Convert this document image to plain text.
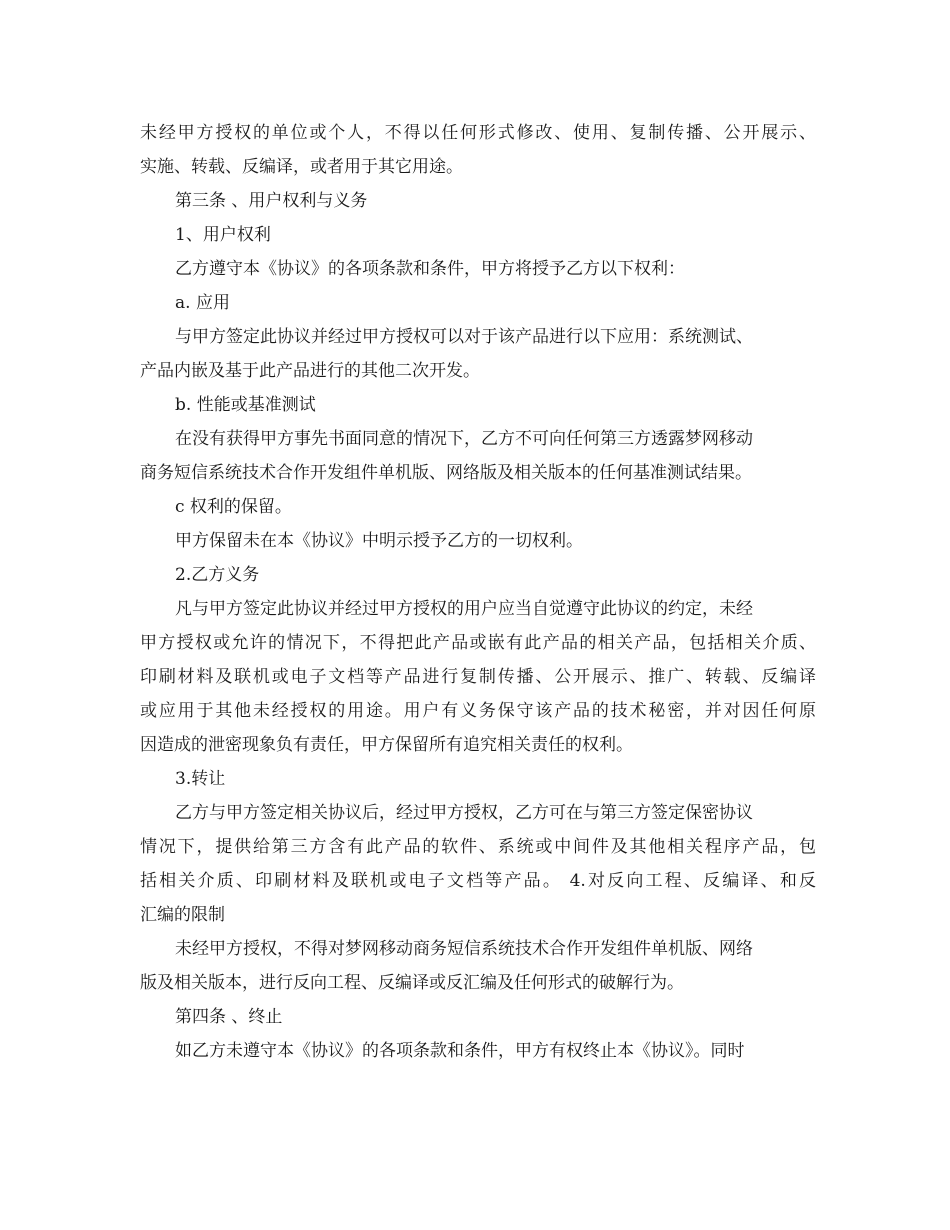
未经甲方授权的单位或个人，不得以任何形式修改、使用、复制传播、公开展示、
实施、转载、反编译，或者用于其它用途。
第三条 、用户权利与义务
1、用户权利
乙方遵守本《协议》的各项条款和条件，甲方将授予乙方以下权利：
a. 应用
与甲方签定此协议并经过甲方授权可以对于该产品进行以下应用：系统测试、
产品内嵌及基于此产品进行的其他二次开发。
b. 性能或基准测试
在没有获得甲方事先书面同意的情况下，乙方不可向任何第三方透露梦网移动
商务短信系统技术合作开发组件单机版、网络版及相关版本的任何基准测试结果。
c 权利的保留。
甲方保留未在本《协议》中明示授予乙方的一切权利。
2.乙方义务
凡与甲方签定此协议并经过甲方授权的用户应当自觉遵守此协议的约定，未经
甲方授权或允许的情况下，不得把此产品或嵌有此产品的相关产品，包括相关介质、
印刷材料及联机或电子文档等产品进行复制传播、公开展示、推广、转载、反编译
或应用于其他未经授权的用途。用户有义务保守该产品的技术秘密，并对因任何原
因造成的泄密现象负有责任，甲方保留所有追究相关责任的权利。
3.转让
乙方与甲方签定相关协议后，经过甲方授权，乙方可在与第三方签定保密协议
情况下，提供给第三方含有此产品的软件、系统或中间件及其他相关程序产品，包
括相关介质、印刷材料及联机或电子文档等产品。 4.对反向工程、反编译、和反
汇编的限制
未经甲方授权，不得对梦网移动商务短信系统技术合作开发组件单机版、网络
版及相关版本，进行反向工程、反编译或反汇编及任何形式的破解行为。
第四条 、终止
如乙方未遵守本《协议》的各项条款和条件，甲方有权终止本《协议》。同时
